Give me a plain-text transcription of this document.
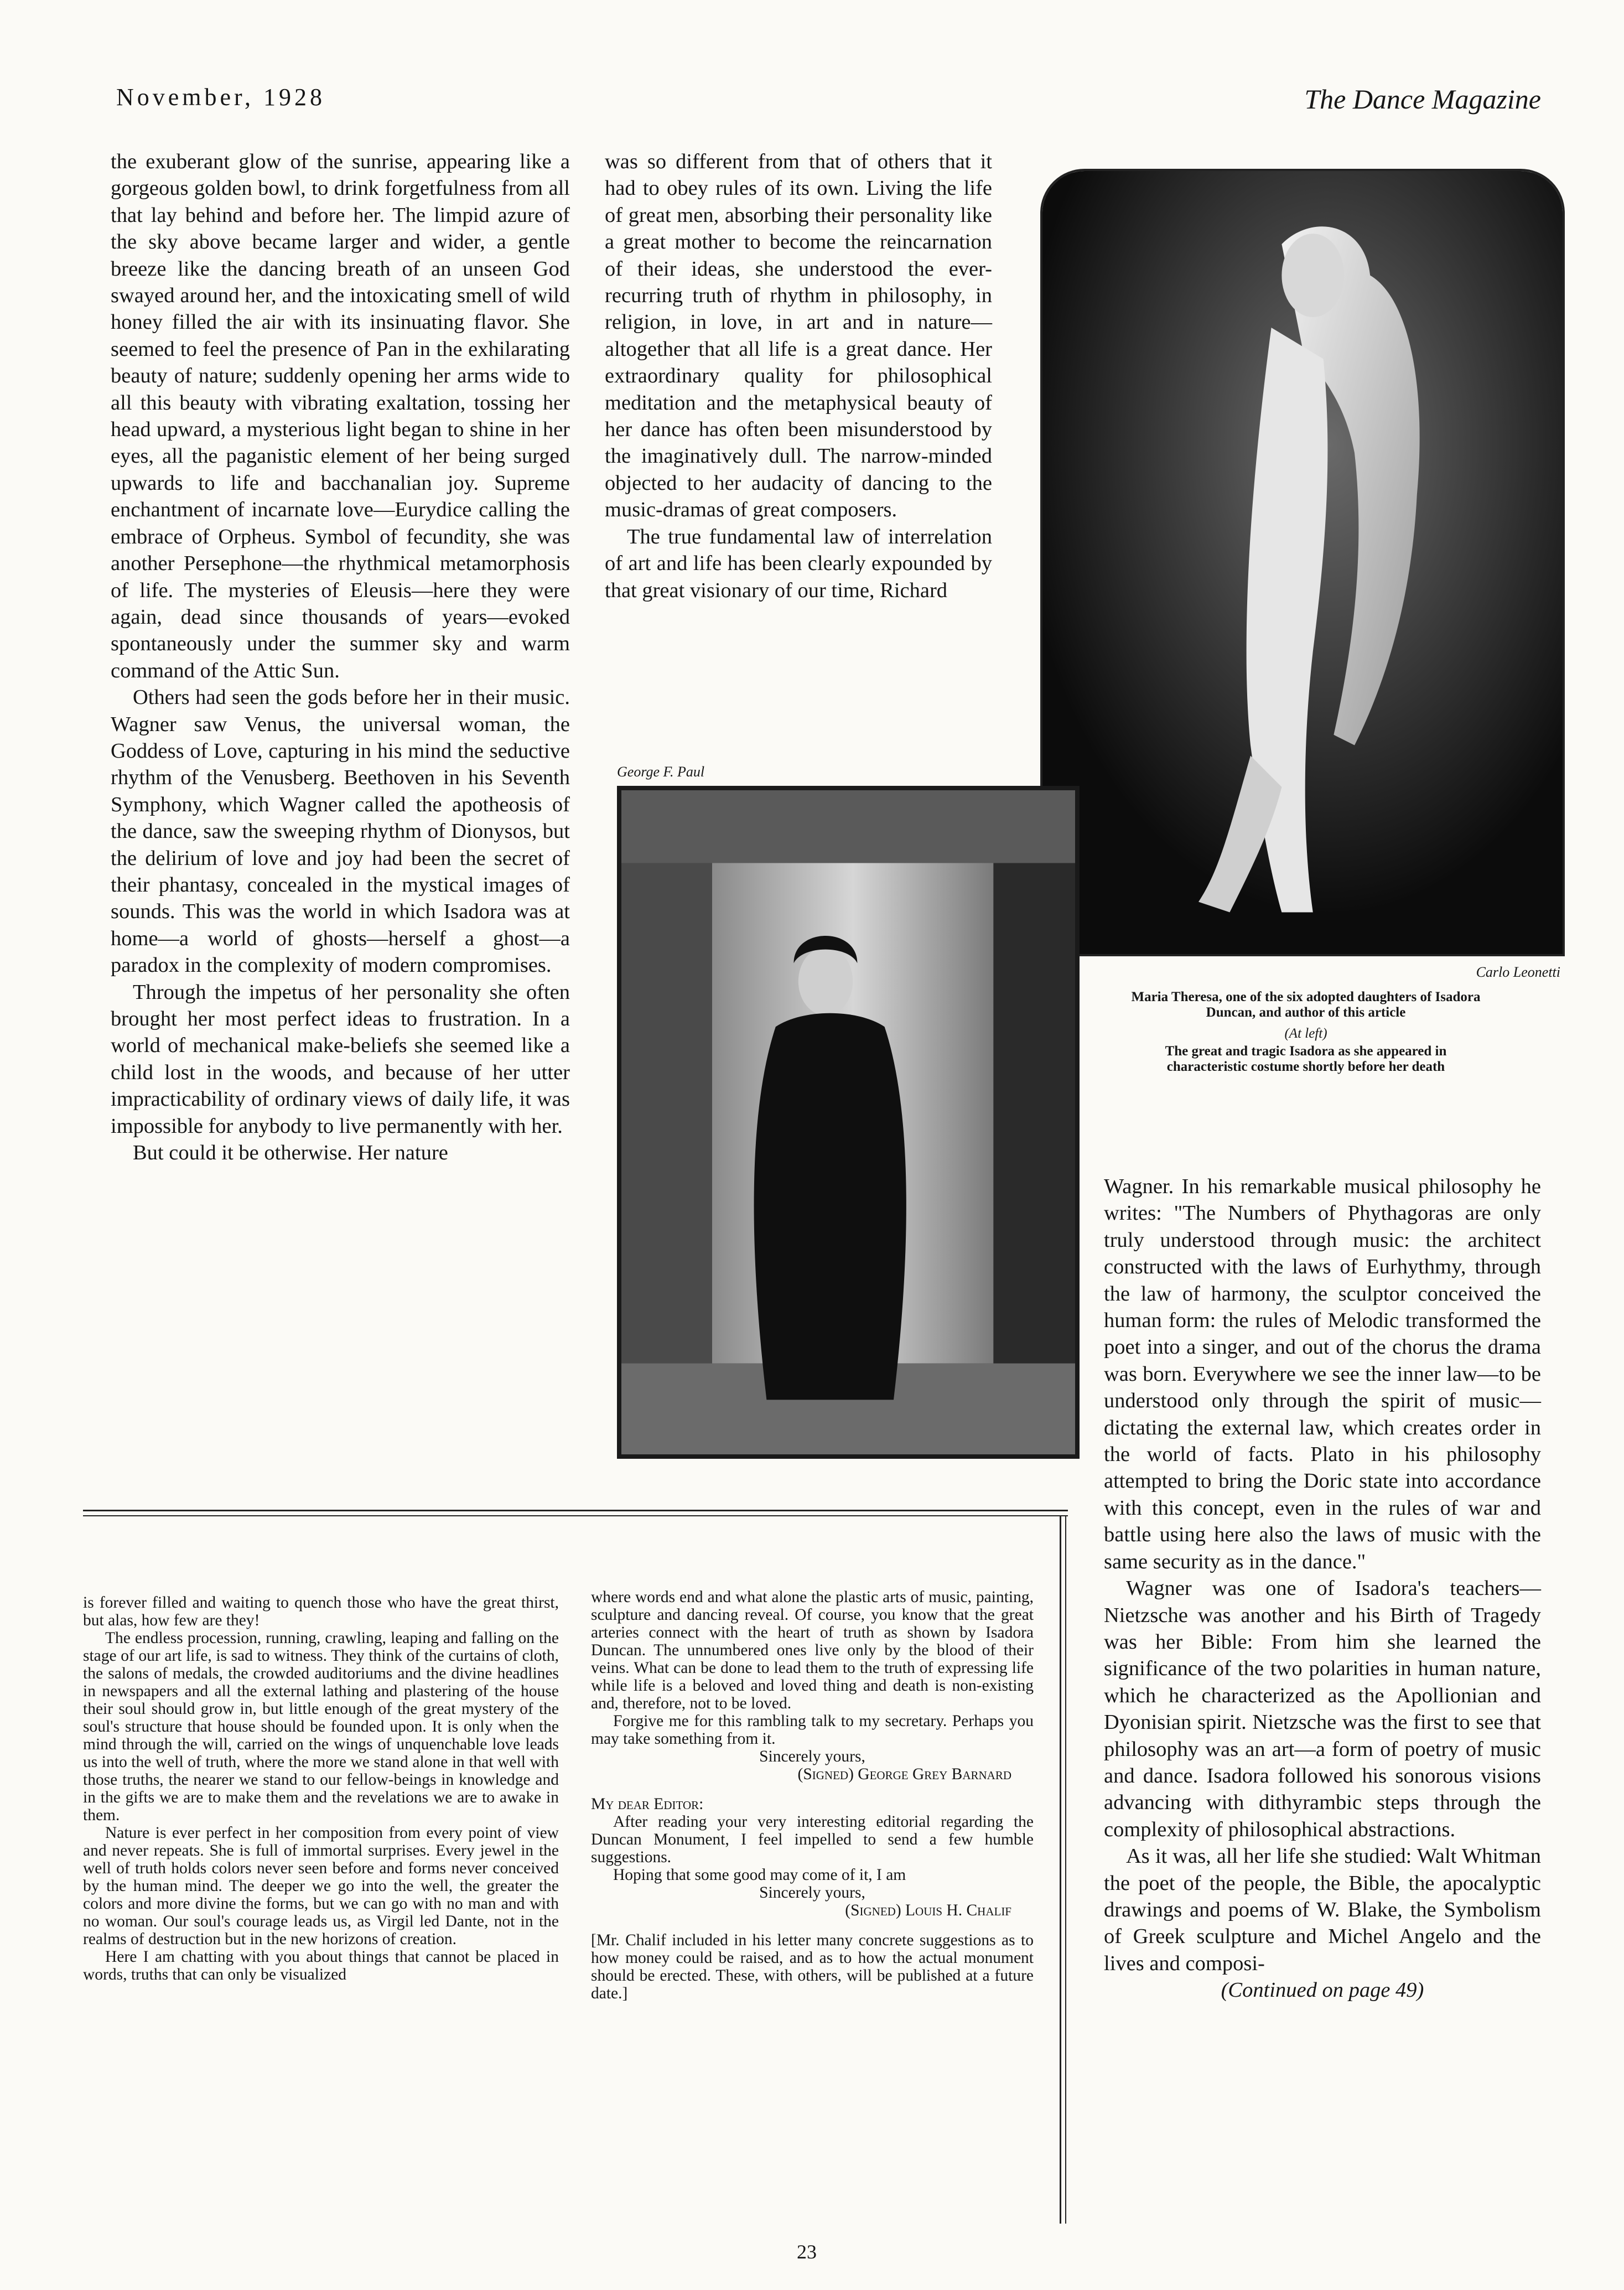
November, 1928	The Dance Magazine

the exuberant glow of the sunrise, appearing like a gorgeous golden bowl, to drink forgetfulness from all that lay behind and before her. The limpid azure of the sky above became larger and wider, a gentle breeze like the dancing breath of an unseen God swayed around her, and the intoxicating smell of wild honey filled the air with its insinuating flavor. She seemed to feel the presence of Pan in the exhilarating beauty of nature; suddenly opening her arms wide to all this beauty with vibrating exaltation, tossing her head upward, a mysterious light began to shine in her eyes, all the paganistic element of her being surged upwards to life and bacchanalian joy. Supreme enchantment of incarnate love—Eurydice calling the embrace of Orpheus. Symbol of fecundity, she was another Persephone—the rhythmical metamorphosis of life. The mysteries of Eleusis—here they were again, dead since thousands of years—evoked spontaneously under the summer sky and warm command of the Attic Sun.

Others had seen the gods before her in their music. Wagner saw Venus, the universal woman, the Goddess of Love, capturing in his mind the seductive rhythm of the Venusberg. Beethoven in his Seventh Symphony, which Wagner called the apotheosis of the dance, saw the sweeping rhythm of Dionysos, but the delirium of love and joy had been the secret of their phantasy, concealed in the mystical images of sounds. This was the world in which Isadora was at home—a world of ghosts—herself a ghost—a paradox in the complexity of modern compromises.

Through the impetus of her personality she often brought her most perfect ideas to frustration. In a world of mechanical make-beliefs she seemed like a child lost in the woods, and because of her utter impracticability of ordinary views of daily life, it was impossible for anybody to live permanently with her.

But could it be otherwise. Her nature

was so different from that of others that it had to obey rules of its own. Living the life of great men, absorbing their personality like a great mother to become the reincarnation of their ideas, she understood the ever-recurring truth of rhythm in philosophy, in religion, in love, in art and in nature—altogether that all life is a great dance. Her extraordinary quality for philosophical meditation and the metaphysical beauty of her dance has often been misunderstood by the imaginatively dull. The narrow-minded objected to her audacity of dancing to the music-dramas of great composers.

The true fundamental law of interrelation of art and life has been clearly expounded by that great visionary of our time, Richard

Carlo Leonetti
Maria Theresa, one of the six adopted daughters of Isadora Duncan, and author of this article
(At left)
The great and tragic Isadora as she appeared in characteristic costume shortly before her death
George F. Paul

Wagner. In his remarkable musical philosophy he writes: "The Numbers of Phythagoras are only truly understood through music: the architect constructed with the laws of Eurhythmy, through the law of harmony, the sculptor conceived the human form: the rules of Melodic transformed the poet into a singer, and out of the chorus the drama was born. Everywhere we see the inner law—to be understood only through the spirit of music—dictating the external law, which creates order in the world of facts. Plato in his philosophy attempted to bring the Doric state into accordance with this concept, even in the rules of war and battle using here also the laws of music with the same security as in the dance."

Wagner was one of Isadora's teachers—Nietzsche was another and his Birth of Tragedy was her Bible: From him she learned the significance of the two polarities in human nature, which he characterized as the Apollionian and Dyonisian spirit. Nietzsche was the first to see that philosophy was an art—a form of poetry of music and dance. Isadora followed his sonorous visions advancing with dithyrambic steps through the complexity of philosophical abstractions.

As it was, all her life she studied: Walt Whitman the poet of the people, the Bible, the apocalyptic drawings and poems of W. Blake, the Symbolism of Greek sculpture and Michel Angelo and the lives and composi-

(Continued on page 49)

is forever filled and waiting to quench those who have the great thirst, but alas, how few are they!

The endless procession, running, crawling, leaping and falling on the stage of our art life, is sad to witness. They think of the curtains of cloth, the salons of medals, the crowded auditoriums and the divine headlines in newspapers and all the external lathing and plastering of the house their soul should grow in, but little enough of the great mystery of the soul's structure that house should be founded upon. It is only when the mind through the will, carried on the wings of unquenchable love leads us into the well of truth, where the more we stand alone in that well with those truths, the nearer we stand to our fellow-beings in knowledge and in the gifts we are to make them and the revelations we are to awake in them.

Nature is ever perfect in her composition from every point of view and never repeats. She is full of immortal surprises. Every jewel in the well of truth holds colors never seen before and forms never conceived by the human mind. The deeper we go into the well, the greater the colors and more divine the forms, but we can go with no man and with no woman. Our soul's courage leads us, as Virgil led Dante, not in the realms of destruction but in the new horizons of creation.

Here I am chatting with you about things that cannot be placed in words, truths that can only be visualized

where words end and what alone the plastic arts of music, painting, sculpture and dancing reveal. Of course, you know that the great arteries connect with the heart of truth as shown by Isadora Duncan. The unnumbered ones live only by the blood of their veins. What can be done to lead them to the truth of expressing life while life is a beloved and loved thing and death is non-existing and, therefore, not to be loved.

Forgive me for this rambling talk to my secretary. Perhaps you may take something from it.

Sincerely yours,

(Signed) George Grey Barnard

My dear Editor:

After reading your very interesting editorial regarding the Duncan Monument, I feel impelled to send a few humble suggestions.

Hoping that some good may come of it, I am

Sincerely yours,

(Signed) Louis H. Chalif

[Mr. Chalif included in his letter many concrete suggestions as to how money could be raised, and as to how the actual monument should be erected. These, with others, will be published at a future date.]

23
